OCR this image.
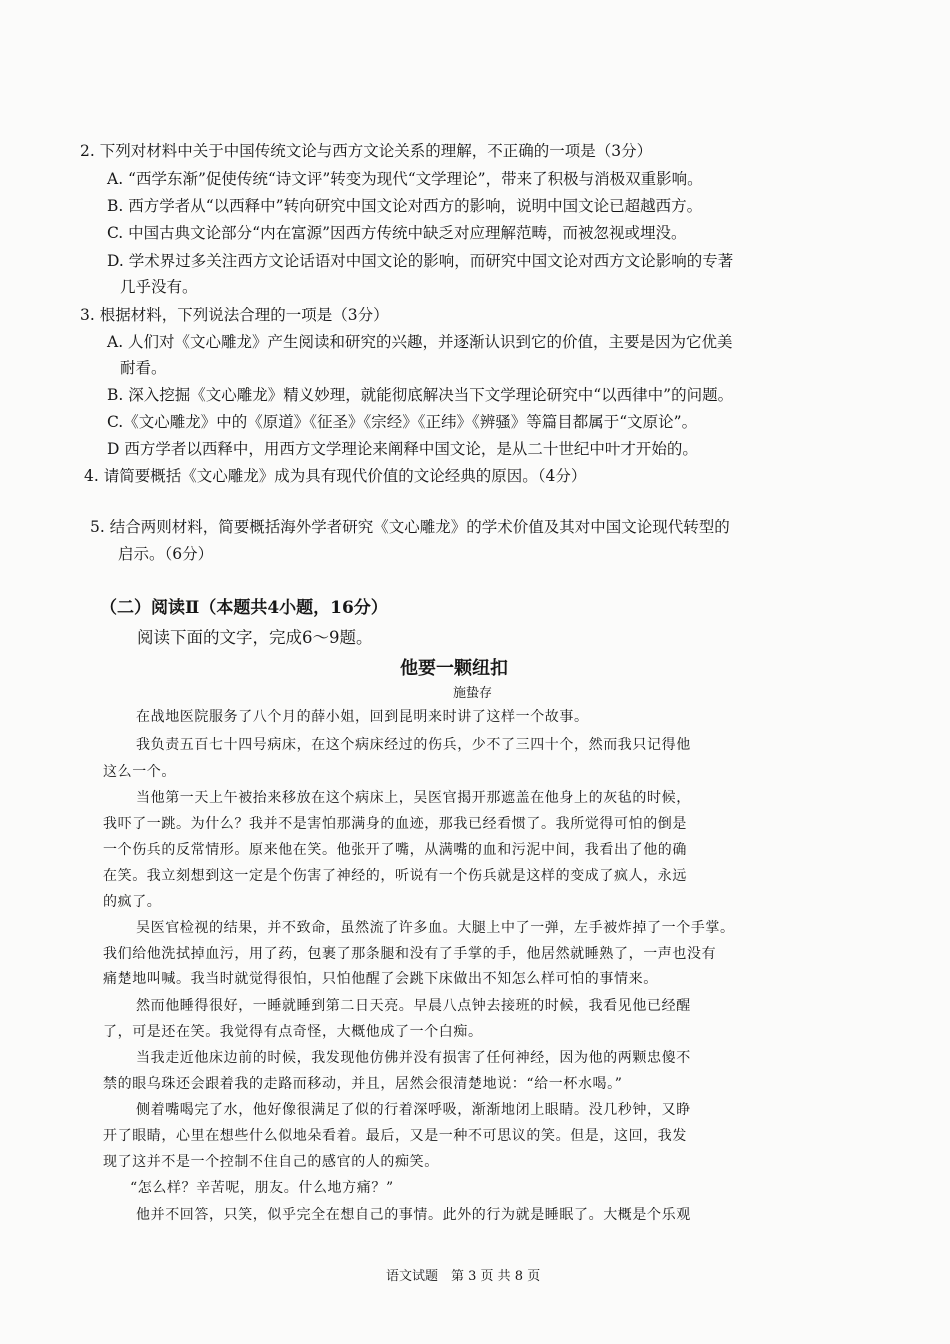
2. 下列对材料中关于中国传统文论与西方文论关系的理解，不正确的一项是（3分）
A. “西学东渐”促使传统“诗文评”转变为现代“文学理论”，带来了积极与消极双重影响。
B. 西方学者从“以西释中”转向研究中国文论对西方的影响，说明中国文论已超越西方。
C. 中国古典文论部分“内在富源”因西方传统中缺乏对应理解范畴，而被忽视或埋没。
D. 学术界过多关注西方文论话语对中国文论的影响，而研究中国文论对西方文论影响的专著
几乎没有。
3. 根据材料，下列说法合理的一项是（3分）
A. 人们对《文心雕龙》产生阅读和研究的兴趣，并逐渐认识到它的价值，主要是因为它优美
耐看。
B. 深入挖掘《文心雕龙》精义妙理，就能彻底解决当下文学理论研究中“以西律中”的问题。
C.《文心雕龙》中的《原道》《征圣》《宗经》《正纬》《辨骚》等篇目都属于“文原论”。
D 西方学者以西释中，用西方文学理论来阐释中国文论，是从二十世纪中叶才开始的。
4. 请简要概括《文心雕龙》成为具有现代价值的文论经典的原因。（4分）
5. 结合两则材料，简要概括海外学者研究《文心雕龙》的学术价值及其对中国文论现代转型的
启示。（6分）
（二）阅读Ⅱ（本题共4小题，16分）
阅读下面的文字，完成6～9题。
他要一颗纽扣
施蛰存
在战地医院服务了八个月的薛小姐，回到昆明来时讲了这样一个故事。
我负责五百七十四号病床，在这个病床经过的伤兵，少不了三四十个，然而我只记得他
这么一个。
当他第一天上午被抬来移放在这个病床上，吴医官揭开那遮盖在他身上的灰毡的时候，
我吓了一跳。为什么？我并不是害怕那满身的血迹，那我已经看惯了。我所觉得可怕的倒是
一个伤兵的反常情形。原来他在笑。他张开了嘴，从满嘴的血和污泥中间，我看出了他的确
在笑。我立刻想到这一定是个伤害了神经的，听说有一个伤兵就是这样的变成了疯人，永远
的疯了。
吴医官检视的结果，并不致命，虽然流了许多血。大腿上中了一弹，左手被炸掉了一个手掌。
我们给他洗拭掉血污，用了药，包裹了那条腿和没有了手掌的手，他居然就睡熟了，一声也没有
痛楚地叫喊。我当时就觉得很怕，只怕他醒了会跳下床做出不知怎么样可怕的事情来。
然而他睡得很好，一睡就睡到第二日天亮。早晨八点钟去接班的时候，我看见他已经醒
了，可是还在笑。我觉得有点奇怪，大概他成了一个白痴。
当我走近他床边前的时候，我发现他仿佛并没有损害了任何神经，因为他的两颗忠傻不
禁的眼乌珠还会跟着我的走路而移动，并且，居然会很清楚地说：“给一杯水喝。”
侧着嘴喝完了水，他好像很满足了似的行着深呼吸，渐渐地闭上眼睛。没几秒钟，又睁
开了眼睛，心里在想些什么似地朵看着。最后，又是一种不可思议的笑。但是，这回，我发
现了这并不是一个控制不住自己的感官的人的痴笑。
“怎么样？辛苦呢，朋友。什么地方痛？”
他并不回答，只笑，似乎完全在想自己的事情。此外的行为就是睡眠了。大概是个乐观
语文试题　第 3 页 共 8 页
